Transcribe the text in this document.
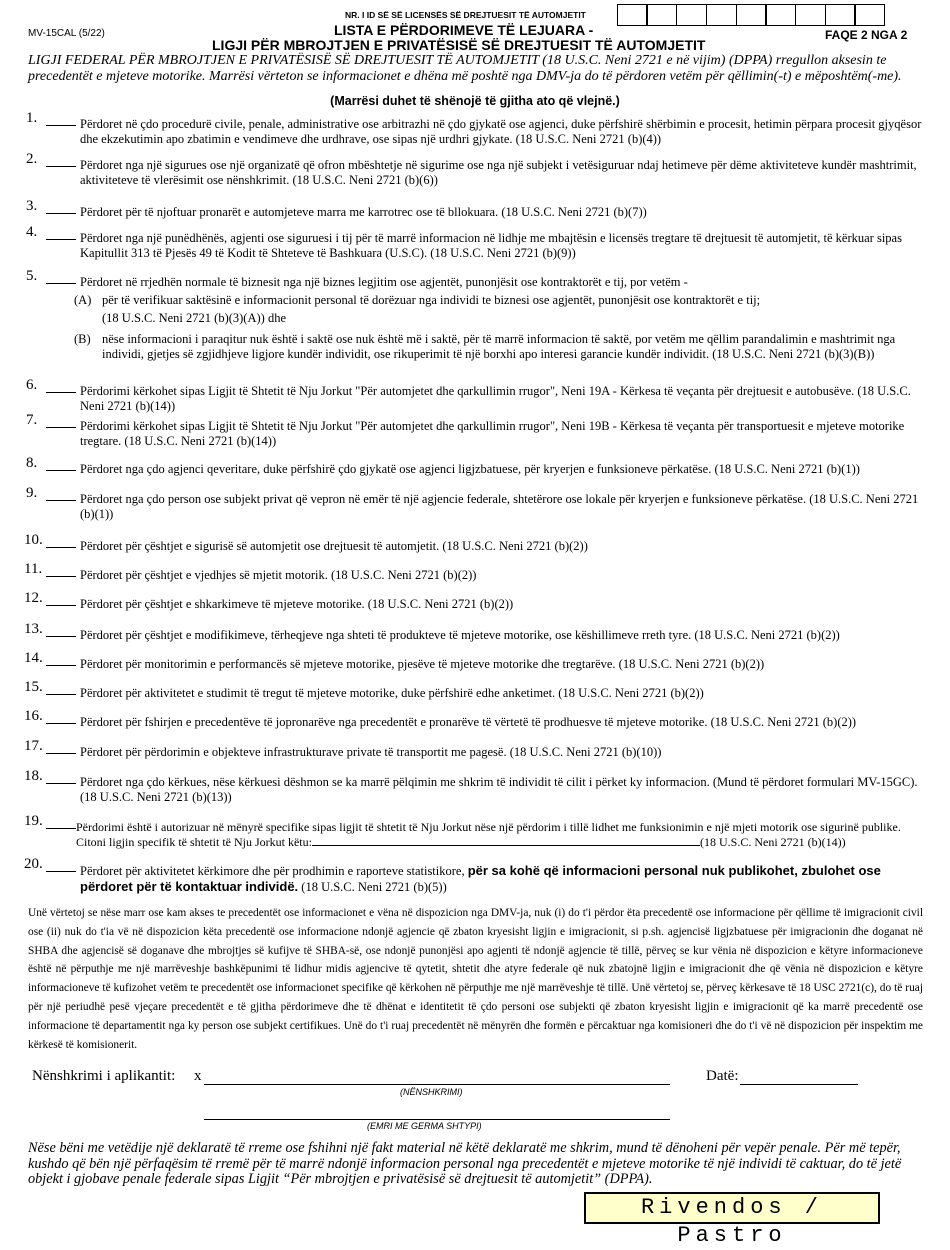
MV-15CAL (5/22)
NR. I ID SË SË LICENSËS SË DREJTUESIT TË AUTOMJETIT
LISTA E PËRDORIMEVE TË LEJUARA -
LIGJI PËR MBROJTJEN E PRIVATËSISË SË DREJTUESIT TË AUTOMJETIT
FAQE 2 NGA 2
LIGJI FEDERAL PËR MBROJTJEN E PRIVATËSISË SË DREJTUESIT TË AUTOMJETIT (18 U.S.C. Neni 2721 e në vijim) (DPPA) rregullon aksesin te precedentët e mjeteve motorike. Marrësi vërteton se informacionet e dhëna më poshtë nga DMV-ja do të përdoren vetëm për qëllimin(-t) e mëposhtëm(-me).
(Marrësi duhet të shënojë të gjitha ato që vlejnë.)
1.	Përdoret në çdo procedurë civile, penale, administrative ose arbitrazhi në çdo gjykatë ose agjenci, duke përfshirë shërbimin e procesit, hetimin përpara procesit gjyqësor dhe ekzekutimin apo zbatimin e vendimeve dhe urdhrave, ose sipas një urdhri gjykate. (18 U.S.C. Neni 2721 (b)(4))
2.	Përdoret nga një sigurues ose një organizatë që ofron mbështetje në sigurime ose nga një subjekt i vetësiguruar ndaj hetimeve për dëme aktiviteteve kundër mashtrimit, aktiviteteve të vlerësimit ose nënshkrimit. (18 U.S.C. Neni 2721 (b)(6))
3.	Përdoret për të njoftuar pronarët e automjeteve marra me karrotrec ose të bllokuara. (18 U.S.C. Neni 2721 (b)(7))
4.	Përdoret nga një punëdhënës, agjenti ose siguruesi i tij për të marrë informacion në lidhje me mbajtësin e licensës tregtare të drejtuesit të automjetit, të kërkuar sipas Kapitullit 313 të Pjesës 49 të Kodit të Shteteve të Bashkuara (U.S.C). (18 U.S.C. Neni 2721 (b)(9))
5.	Përdoret në rrjedhën normale të biznesit nga një biznes legjitim ose agjentët, punonjësit ose kontraktorët e tij, por vetëm -
(A) për të verifikuar saktësinë e informacionit personal të dorëzuar nga individi te biznesi ose agjentët, punonjësit ose kontraktorët e tij;
(18 U.S.C. Neni 2721 (b)(3)(A)) dhe
(B) nëse informacioni i paraqitur nuk është i saktë ose nuk është më i saktë, për të marrë informacion të saktë, por vetëm me qëllim parandalimin e mashtrimit nga individi, gjetjes së zgjidhjeve ligjore kundër individit, ose rikuperimit të një borxhi apo interesi garancie kundër individit. (18 U.S.C. Neni 2721 (b)(3)(B))
6.	Përdorimi kërkohet sipas Ligjit të Shtetit të Nju Jorkut "Për automjetet dhe qarkullimin rrugor", Neni 19A - Kërkesa të veçanta për drejtuesit e autobusëve. (18 U.S.C. Neni 2721 (b)(14))
7.	Përdorimi kërkohet sipas Ligjit të Shtetit të Nju Jorkut "Për automjetet dhe qarkullimin rrugor", Neni 19B - Kërkesa të veçanta për transportuesit e mjeteve motorike tregtare. (18 U.S.C. Neni 2721 (b)(14))
8.	Përdoret nga çdo agjenci qeveritare, duke përfshirë çdo gjykatë ose agjenci ligjzbatuese, për kryerjen e funksioneve përkatëse. (18 U.S.C. Neni 2721 (b)(1))
9.	Përdoret nga çdo person ose subjekt privat që vepron në emër të një agjencie federale, shtetërore ose lokale për kryerjen e funksioneve përkatëse. (18 U.S.C. Neni 2721 (b)(1))
10.	Përdoret për çështjet e sigurisë së automjetit ose drejtuesit të automjetit. (18 U.S.C. Neni 2721 (b)(2))
11.	Përdoret për çështjet e vjedhjes së mjetit motorik. (18 U.S.C. Neni 2721 (b)(2))
12.	Përdoret për çështjet e shkarkimeve të mjeteve motorike. (18 U.S.C. Neni 2721 (b)(2))
13.	Përdoret për çështjet e modifikimeve, tërheqjeve nga shteti të produkteve të mjeteve motorike, ose këshillimeve rreth tyre. (18 U.S.C. Neni 2721 (b)(2))
14.	Përdoret për monitorimin e performancës së mjeteve motorike, pjesëve të mjeteve motorike dhe tregtarëve. (18 U.S.C. Neni 2721 (b)(2))
15.	Përdoret për aktivitetet e studimit të tregut të mjeteve motorike, duke përfshirë edhe anketimet. (18 U.S.C. Neni 2721 (b)(2))
16.	Përdoret për fshirjen e precedentëve të jopronarëve nga precedentët e pronarëve të vërtetë të prodhuesve të mjeteve motorike. (18 U.S.C. Neni 2721 (b)(2))
17.	Përdoret për përdorimin e objekteve infrastrukturave private të transportit me pagesë. (18 U.S.C. Neni 2721 (b)(10))
18.	Përdoret nga çdo kërkues, nëse kërkuesi dëshmon se ka marrë pëlqimin me shkrim të individit të cilit i përket ky informacion. (Mund të përdoret formulari MV-15GC). (18 U.S.C. Neni 2721 (b)(13))
19.	Përdorimi është i autorizuar në mënyrë specifike sipas ligjit të shtetit të Nju Jorkut nëse një përdorim i tillë lidhet me funksionimin e një mjeti motorik ose sigurinë publike. Citoni ligjin specifik të shtetit të Nju Jorkut këtu:	(18 U.S.C. Neni 2721 (b)(14))
20.	Përdoret për aktivitetet kërkimore dhe për prodhimin e raporteve statistikore, për sa kohë që informacioni personal nuk publikohet, zbulohet ose përdoret për të kontaktuar individë. (18 U.S.C. Neni 2721 (b)(5))
Unë vërtetoj se nëse marr ose kam akses te precedentët ose informacionet e vëna në dispozicion nga DMV-ja, nuk (i) do t'i përdor ëta precedentë ose informacione për qëllime të imigracionit civil ose (ii) nuk do t'ia vë në dispozicion këta precedentë ose informacione ndonjë agjencie që zbaton kryesisht ligjin e imigracionit, si p.sh. agjencisë ligjzbatuese për imigracionin dhe doganat në SHBA dhe agjencisë së doganave dhe mbrojtjes së kufijve të SHBA-së, ose ndonjë punonjësi apo agjenti të ndonjë agjencie të tillë, përveç se kur vënia në dispozicion e këtyre informacioneve është në përputhje me një marrëveshje bashkëpunimi të lidhur midis agjencive të qytetit, shtetit dhe atyre federale që nuk zbatojnë ligjin e imigracionit dhe që vënia në dispozicion e këtyre informacioneve të kufizohet vetëm te precedentët ose informacionet specifike që kërkohen në përputhje me një marrëveshje të tillë. Unë vërtetoj se, përveç kërkesave të 18 USC 2721(c), do të ruaj për një periudhë pesë vjeçare precedentët e të gjitha përdorimeve dhe të dhënat e identitetit të çdo personi ose subjekti që zbaton kryesisht ligjin e imigracionit që ka marrë precedentë ose informacione të departamentit nga ky person ose subjekt certifikues. Unë do t'i ruaj precedentët në mënyrën dhe formën e përcaktuar nga komisioneri dhe do t'i vë në dispozicion për inspektim me kërkesë të komisionerit.
Nënshkrimi i aplikantit: x
(NËNSHKRIMI)
Datë:
(EMRI ME GERMA SHTYPI)
Nëse bëni me vetëdije një deklaratë të rreme ose fshihni një fakt material në këtë deklaratë me shkrim, mund të dënoheni për vepër penale. Për më tepër, kushdo që bën një përfaqësim të rremë për të marrë ndonjë informacion personal nga precedentët e mjeteve motorike të një individi të caktuar, do të jetë objekt i gjobave penale federale sipas Ligjit “Për mbrojtjen e privatësisë së drejtuesit të automjetit” (DPPA).
Rivendos / Pastro
